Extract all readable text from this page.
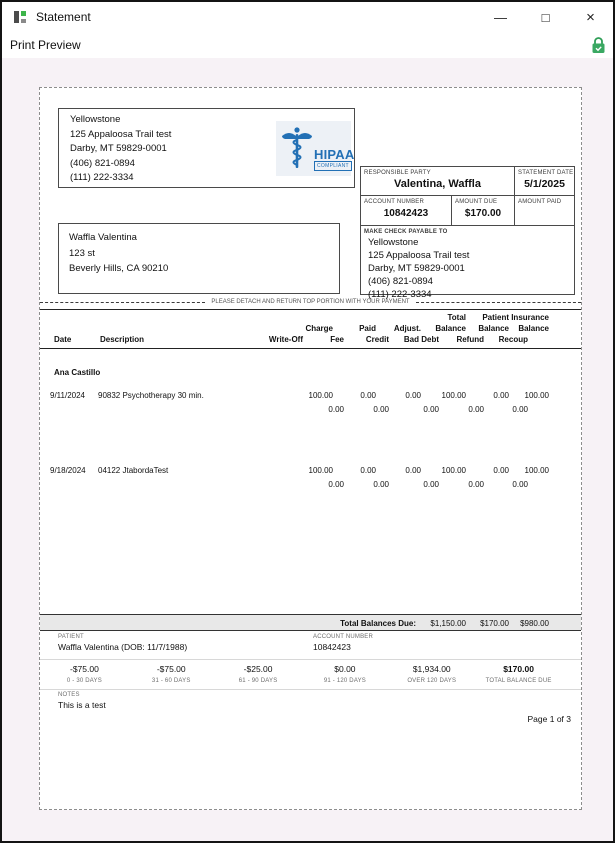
Statement	—	□	×
Print Preview
Yellowstone
125 Appaloosa Trail test
Darby, MT 59829-0001
(406) 821-0894
(111) 222-3334
HIPAA
COMPLIANT
RESPONSIBLE PARTY
Valentina, Waffla
STATEMENT DATE
5/1/2025
ACCOUNT NUMBER
10842423
AMOUNT DUE
$170.00
AMOUNT PAID
MAKE CHECK PAYABLE TO
Yellowstone
125 Appaloosa Trail test
Darby, MT 59829-0001
(406) 821-0894
(111) 222-3334
Waffla Valentina
123 st
Beverly Hills, CA 90210
PLEASE DETACH AND RETURN TOP PORTION WITH YOUR PAYMENT
Total Patient Insurance
Charge	Paid Adjust. Balance Balance Balance
Date	Description	Write-Off	Fee	Credit Bad Debt Refund Recoup
Ana Castillo
9/11/2024 90832 Psychotherapy 30 min.	100.00	0.00	0.00	100.00	0.00 100.00
0.00	0.00	0.00	0.00	0.00
9/18/2024 04122 JtabordaTest	100.00	0.00	0.00	100.00	0.00 100.00
0.00	0.00	0.00	0.00	0.00
Total Balances Due: $1,150.00 $170.00 $980.00
PATIENT
Waffla Valentina (DOB: 11/7/1988)
ACCOUNT NUMBER
10842423
-$75.00
0 - 30 DAYS
-$75.00
31 - 60 DAYS
-$25.00
61 - 90 DAYS
$0.00
91 - 120 DAYS
$1,934.00
OVER 120 DAYS
$170.00
TOTAL BALANCE DUE
NOTES
This is a test
Page 1 of 3
